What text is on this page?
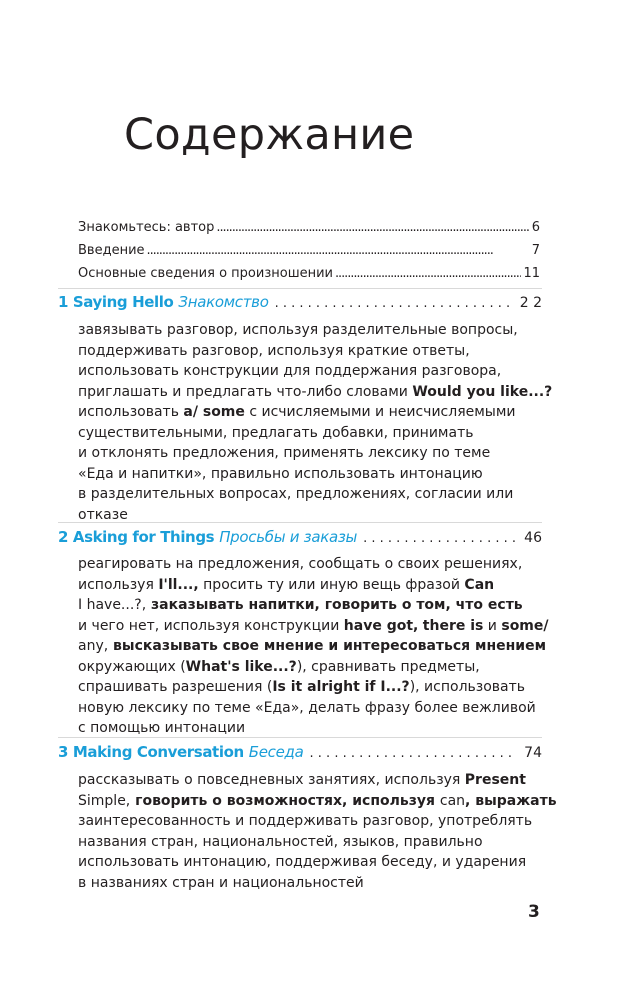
Содержание
Знакомьтесь: автор . . .	6
Введение . . .	7
Основные сведения о произношении . . .	11
1 Saying Hello Знакомство . . .	2 2
завязывать разговор, используя разделительные вопросы,
поддерживать разговор, используя краткие ответы,
использовать конструкции для поддержания разговора,
приглашать и предлагать что-либо словами Would you like...?
использовать a/ some с исчисляемыми и неисчисляемыми
существительными, предлагать добавки, принимать
и отклонять предложения, применять лексику по теме
«Еда и напитки», правильно использовать интонацию
в разделительных вопросах, предложениях, согласии или
отказе
2 Asking for Things Просьбы и заказы . . .	46
реагировать на предложения, сообщать о своих решениях,
используя I'll..., просить ту или иную вещь фразой Can
I have...?, заказывать напитки, говорить о том, что есть
и чего нет, используя конструкции have got, there is и some/
any, высказывать свое мнение и интересоваться мнением
окружающих (What's like...?), сравнивать предметы,
спрашивать разрешения (Is it alright if I...?), использовать
новую лексику по теме «Еда», делать фразу более вежливой
с помощью интонации
3 Making Conversation Беседа . . .	74
рассказывать о повседневных занятиях, используя Present
Simple, говорить о возможностях, используя can, выражать
заинтересованность и поддерживать разговор, употреблять
названия стран, национальностей, языков, правильно
использовать интонацию, поддерживая беседу, и ударения
в названиях стран и национальностей
3
